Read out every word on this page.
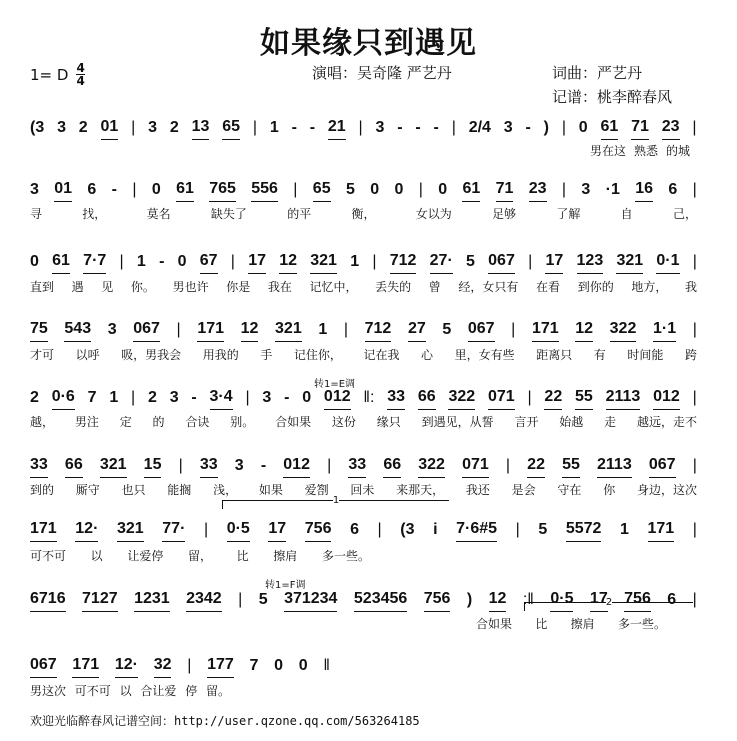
如果缘只到遇见
1= D $\frac{4}{4}$	演唱：吴奇隆 严艺丹	词曲：严艺丹
记谱：桃李醉春风
转1=E调
转1=F调
1
2
(3 3 2 01 | 3 2 13 65 | 1 - - 21 | 3 - - - | 2/4 3 - ) | 0 61 71 23 |
男在这 熟悉 的城
3 01 6 - | 0 61 765 556 | 65 5 0 0 | 0 61 71 23 | 3 ·1 16 6 |
寻	找，	莫名	缺失了	的平	衡，	女以为	足够	了解	自	己，
0 61 7·7 | 1 - 0 67 | 17 12 321 1 | 712 27· 5 067 | 17 123 321 0·1 |
直到 遇 见 你。 男也许 你是 我在 记忆中， 丢失的 曾 经，女只有 在看 到你的 地方， 我
75 543 3 067 | 171 12 321 1 | 712 27 5 067 | 171 12 322 1·1 |
才可 以呼 吸，男我会 用我的 手 记住你， 记在我 心 里，女有些 距离只 有 时间能 跨
2 0·6 7 1 | 2 3 - 3·4 | 3 - 0 012 ‖: 33 66 322 071 | 22 55 2113 012 |
越， 男注 定 的 合诀 别。 合如果 这份 缘只 到遇见，从誓 言开 始越 走 越远，走不
33 66 321 15 | 33 3 - 012 | 33 66 322 071 | 22 55 2113 067 |
到的 厮守 也只 能搁 浅， 如果 爱劄 回未 来那天， 我还 是会 守在 你 身边，这次
171 12· 321 77· | 0·5 17 756 6 | (3 i 7·6#5 | 5 5572 1 171 |
可不可 以 让爱停 留， 比 擦肩 多一些。
6716 7127 1231 2342 | 5 371234 523456 756 ) 12 :‖ 0·5 17 756 6 |
合如果 比 擦肩 多一些。
067 171 12· 32 | 177 7 0 0 ‖
男这次 可不可 以 合让爱 停 留。
欢迎光临醉春风记谱空间：http://user.qzone.qq.com/563264185
